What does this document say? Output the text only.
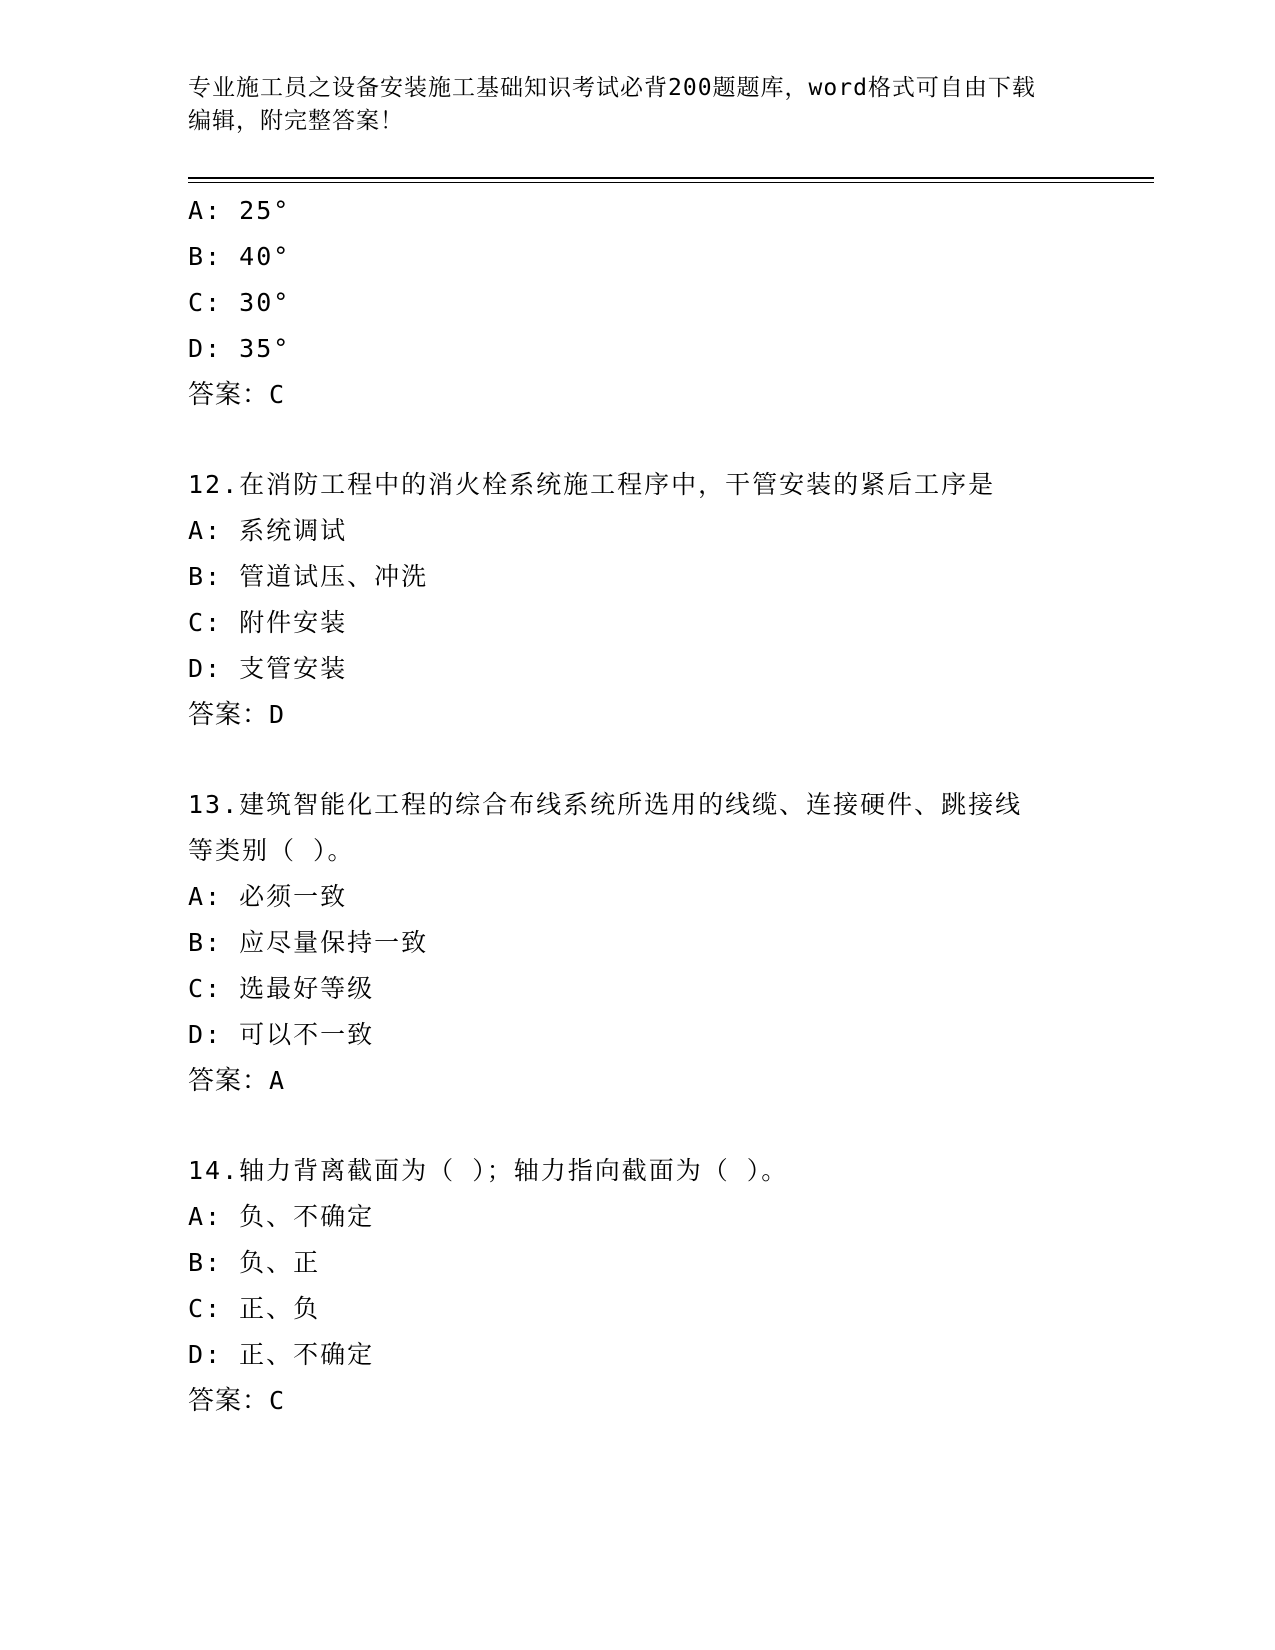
专业施工员之设备安装施工基础知识考试必背200题题库，word格式可自由下载
编辑，附完整答案！
A: 25°
B: 40°
C: 30°
D: 35°
答案：C
12.在消防工程中的消火栓系统施工程序中，干管安装的紧后工序是
A: 系统调试
B: 管道试压、冲洗
C: 附件安装
D: 支管安装
答案：D
13.建筑智能化工程的综合布线系统所选用的线缆、连接硬件、跳接线
等类别（ ）。
A: 必须一致
B: 应尽量保持一致
C: 选最好等级
D: 可以不一致
答案：A
14.轴力背离截面为（ ）；轴力指向截面为（ ）。
A: 负、不确定
B: 负、正
C: 正、负
D: 正、不确定
答案：C
